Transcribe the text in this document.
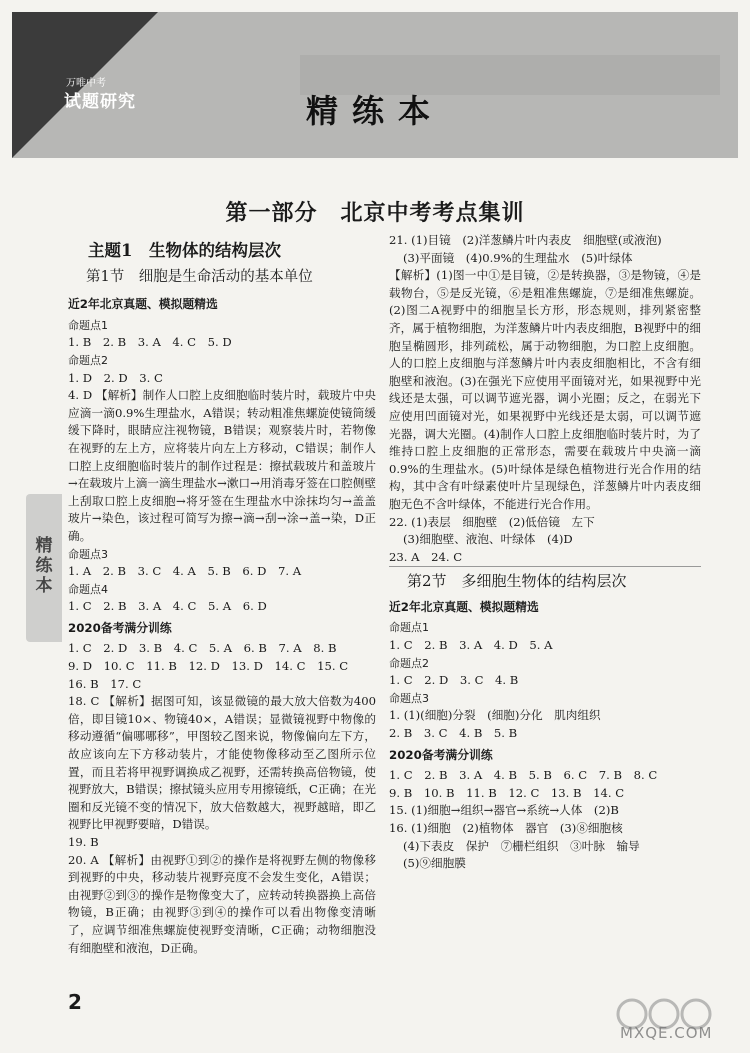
万唯中考
试题研究	精练本
第一部分　北京中考考点集训

主题1　生物体的结构层次

第1节　细胞是生命活动的基本单位

近2年北京真题、模拟题精选

命题点1

1. B　2. B　3. A　4. C　5. D

命题点2

1. D　2. D　3. C

4. D 【解析】制作人口腔上皮细胞临时装片时，载玻片中央应滴一滴0.9%生理盐水，A错误；转动粗准焦螺旋使镜筒缓缓下降时，眼睛应注视物镜，B错误；观察装片时，若物像在视野的左上方，应将装片向左上方移动，C错误；制作人口腔上皮细胞临时装片的制作过程是：擦拭载玻片和盖玻片→在载玻片上滴一滴生理盐水→漱口→用消毒牙签在口腔侧壁上刮取口腔上皮细胞→将牙签在生理盐水中涂抹均匀→盖盖玻片→染色，该过程可简写为擦→滴→刮→涂→盖→染，D正确。

命题点3

1. A　2. B　3. C　4. A　5. B　6. D　7. A

命题点4

1. C　2. B　3. A　4. C　5. A　6. D

2020备考满分训练

1. C　2. D　3. B　4. C　5. A　6. B　7. A　8. B

9. D　10. C　11. B　12. D　13. D　14. C　15. C

16. B　17. C

18. C 【解析】据图可知，该显微镜的最大放大倍数为400倍，即目镜10×、物镜40×，A错误；显微镜视野中物像的移动遵循“偏哪哪移”，甲图较乙图来说，物像偏向左下方，故应该向左下方移动装片，才能使物像移动至乙图所示位置，而且若将甲视野调换成乙视野，还需转换高倍物镜，使视野放大，B错误；擦拭镜头应用专用擦镜纸，C正确；在光圈和反光镜不变的情况下，放大倍数越大，视野越暗，即乙视野比甲视野要暗，D错误。

19. B

20. A 【解析】由视野①到②的操作是将视野左侧的物像移到视野的中央，移动装片视野亮度不会发生变化，A错误；由视野②到③的操作是物像变大了，应转动转换器换上高倍物镜，B正确；由视野③到④的操作可以看出物像变清晰了，应调节细准焦螺旋使视野变清晰，C正确；动物细胞没有细胞壁和液泡，D正确。

21. (1)目镜　(2)洋葱鳞片叶内表皮　细胞壁(或液泡)

(3)平面镜　(4)0.9%的生理盐水　(5)叶绿体

【解析】(1)图一中①是目镜，②是转换器，③是物镜，④是载物台，⑤是反光镜，⑥是粗准焦螺旋，⑦是细准焦螺旋。(2)图二A视野中的细胞呈长方形，形态规则，排列紧密整齐，属于植物细胞，为洋葱鳞片叶内表皮细胞，B视野中的细胞呈椭圆形，排列疏松，属于动物细胞，为口腔上皮细胞。人的口腔上皮细胞与洋葱鳞片叶内表皮细胞相比，不含有细胞壁和液泡。(3)在强光下应使用平面镜对光，如果视野中光线还是太强，可以调节遮光器，调小光圈；反之，在弱光下应使用凹面镜对光，如果视野中光线还是太弱，可以调节遮光器，调大光圈。(4)制作人口腔上皮细胞临时装片时，为了维持口腔上皮细胞的正常形态，需要在载玻片中央滴一滴0.9%的生理盐水。(5)叶绿体是绿色植物进行光合作用的结构，其中含有叶绿素使叶片呈现绿色，洋葱鳞片叶内表皮细胞无色不含叶绿体，不能进行光合作用。

22. (1)表层　细胞壁　(2)低倍镜　左下

(3)细胞壁、液泡、叶绿体　(4)D

23. A　24. C

第2节　多细胞生物体的结构层次

近2年北京真题、模拟题精选

命题点1

1. C　2. B　3. A　4. D　5. A

命题点2

1. C　2. D　3. C　4. B

命题点3

1. (1)(细胞)分裂　(细胞)分化　肌肉组织

2. B　3. C　4. B　5. B

2020备考满分训练

1. C　2. B　3. A　4. B　5. B　6. C　7. B　8. C

9. B　10. B　11. B　12. C　13. B　14. C

15. (1)细胞→组织→器官→系统→人体　(2)B

16. (1)细胞　(2)植物体　器官　(3)⑧细胞核

(4)下表皮　保护　⑦栅栏组织　③叶脉　输导

(5)⑨细胞膜

精练本
2
MXQE.COM
